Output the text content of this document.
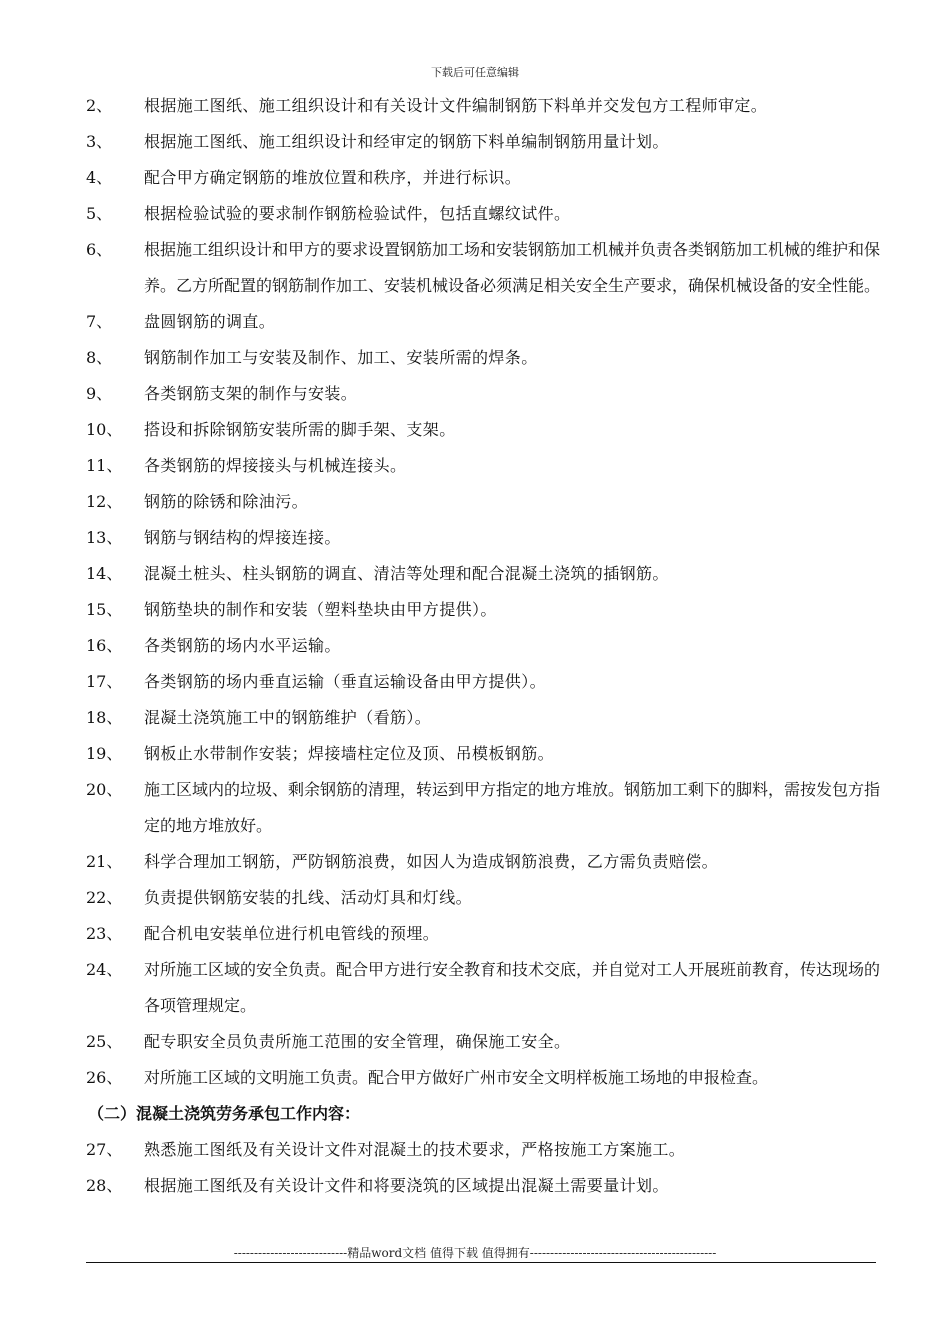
下载后可任意编辑
2、	根据施工图纸、施工组织设计和有关设计文件编制钢筋下料单并交发包方工程师审定。
3、	根据施工图纸、施工组织设计和经审定的钢筋下料单编制钢筋用量计划。
4、	配合甲方确定钢筋的堆放位置和秩序，并进行标识。
5、	根据检验试验的要求制作钢筋检验试件，包括直螺纹试件。
6、	根据施工组织设计和甲方的要求设置钢筋加工场和安装钢筋加工机械并负责各类钢筋加工机械的维护和保养。乙方所配置的钢筋制作加工、安装机械设备必须满足相关安全生产要求，确保机械设备的安全性能。
7、	盘圆钢筋的调直。
8、	钢筋制作加工与安装及制作、加工、安装所需的焊条。
9、	各类钢筋支架的制作与安装。
10、	搭设和拆除钢筋安装所需的脚手架、支架。
11、	各类钢筋的焊接接头与机械连接头。
12、	钢筋的除锈和除油污。
13、	钢筋与钢结构的焊接连接。
14、	混凝土桩头、柱头钢筋的调直、清洁等处理和配合混凝土浇筑的插钢筋。
15、	钢筋垫块的制作和安装（塑料垫块由甲方提供）。
16、	各类钢筋的场内水平运输。
17、	各类钢筋的场内垂直运输（垂直运输设备由甲方提供）。
18、	混凝土浇筑施工中的钢筋维护（看筋）。
19、	钢板止水带制作安装；焊接墙柱定位及顶、吊模板钢筋。
20、	施工区域内的垃圾、剩余钢筋的清理，转运到甲方指定的地方堆放。钢筋加工剩下的脚料，需按发包方指定的地方堆放好。
21、	科学合理加工钢筋，严防钢筋浪费，如因人为造成钢筋浪费，乙方需负责赔偿。
22、	负责提供钢筋安装的扎线、活动灯具和灯线。
23、	配合机电安装单位进行机电管线的预埋。
24、	对所施工区域的安全负责。配合甲方进行安全教育和技术交底，并自觉对工人开展班前教育，传达现场的各项管理规定。
25、	配专职安全员负责所施工范围的安全管理，确保施工安全。
26、	对所施工区域的文明施工负责。配合甲方做好广州市安全文明样板施工场地的申报检查。
（二）混凝土浇筑劳务承包工作内容：
27、	熟悉施工图纸及有关设计文件对混凝土的技术要求，严格按施工方案施工。
28、	根据施工图纸及有关设计文件和将要浇筑的区域提出混凝土需要量计划。
----------------------------精品word文档 值得下载 值得拥有----------------------------------------------
